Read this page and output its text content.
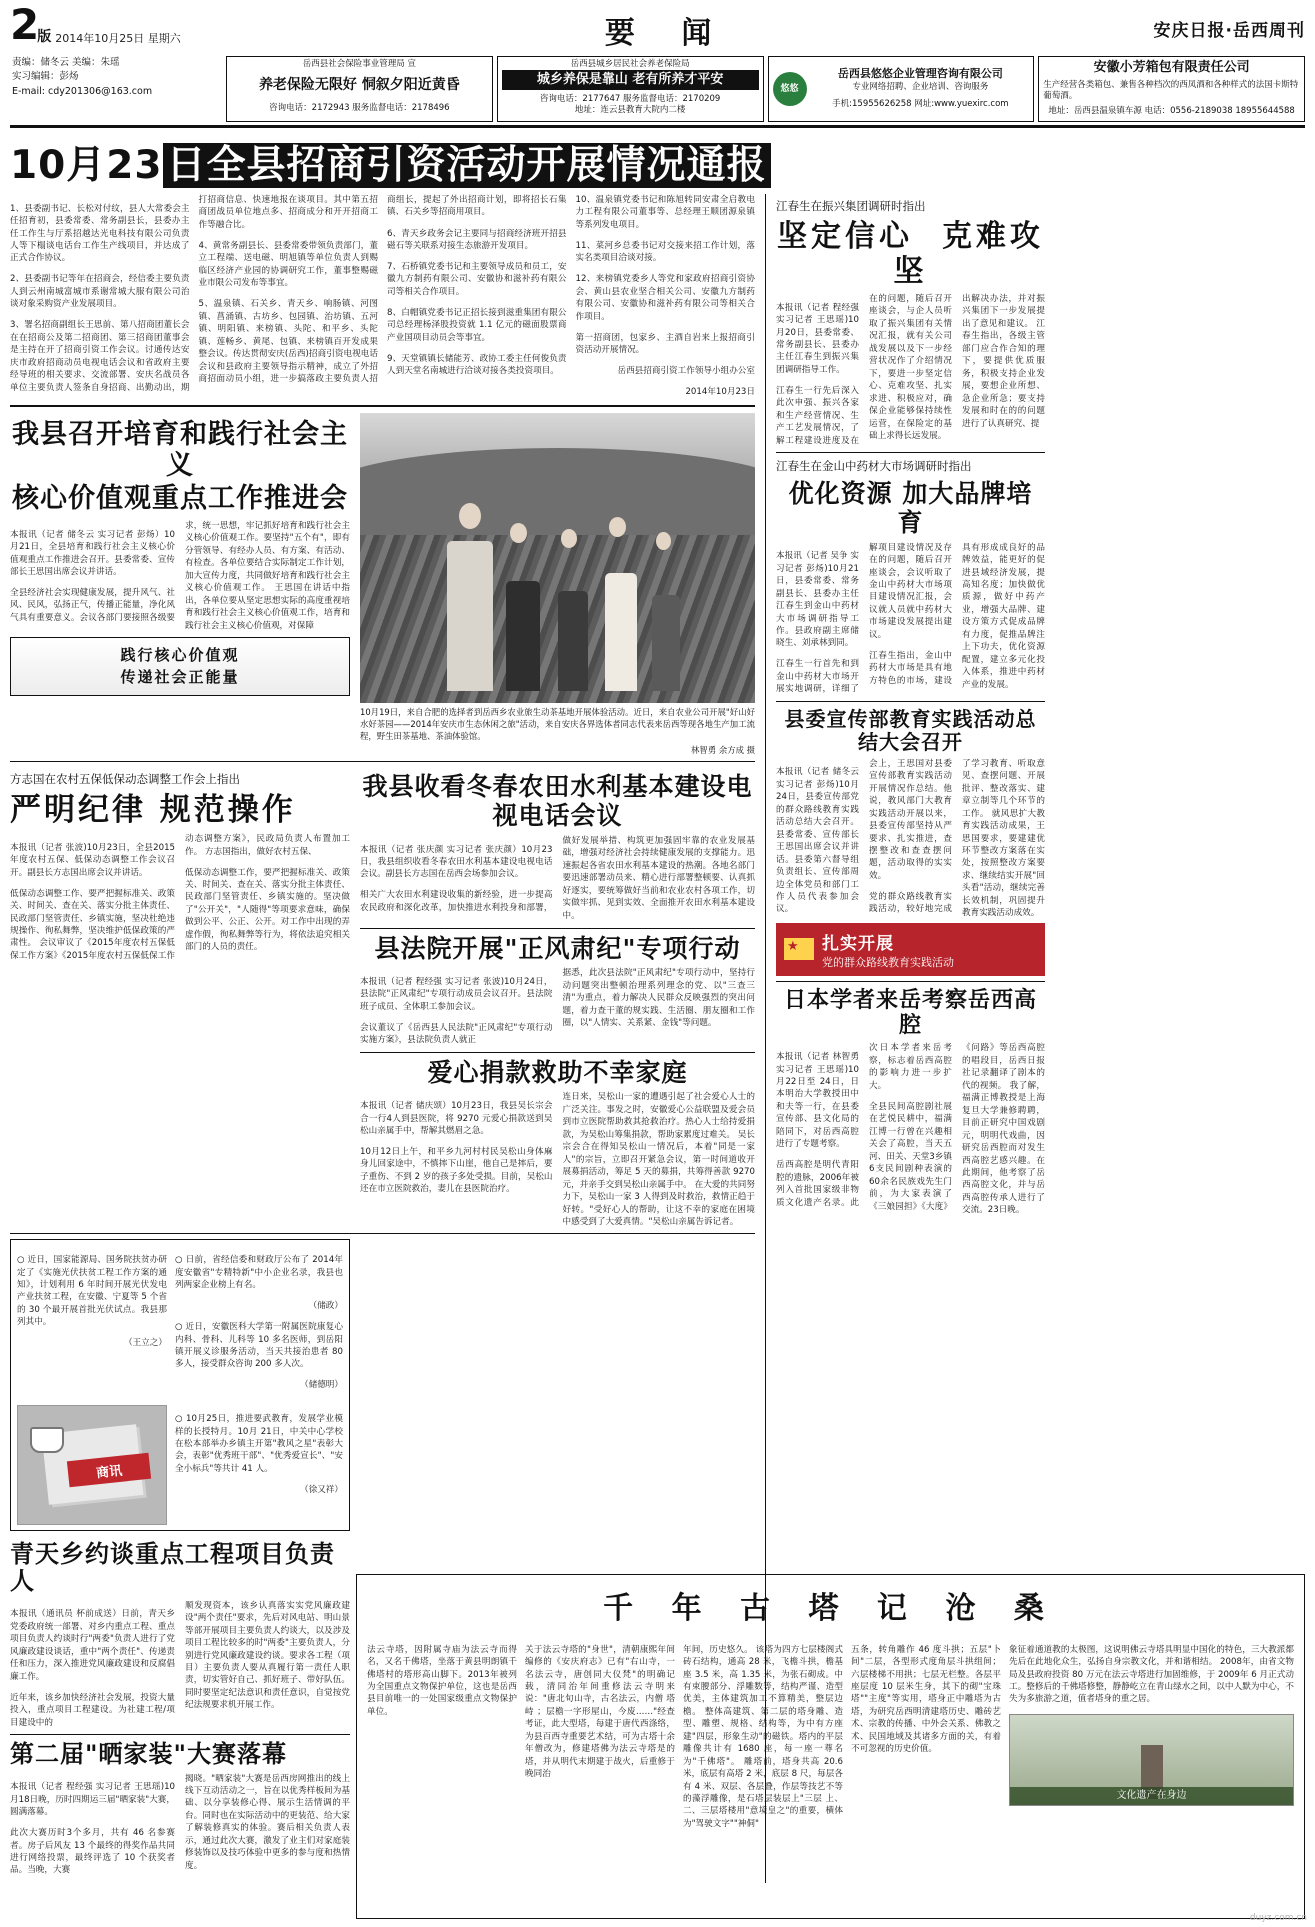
2版 2014年10月25日 星期六	要 闻	安庆日报·岳西周刊
责编：储冬云 美编：朱瑶
实习编辑：彭炀
E-mail: cdy201306@163.com
岳西县社会保险事业管理局 宣
养老保险无限好 恫叙夕阳近黄昏
咨询电话：2172943 服务监督电话：2178496
岳西县城乡居民社会养老保险局
城乡养保是靠山 老有所养才平安
咨询电话：2177647 服务监督电话：2170209
地址：连云县教育大院内二楼
悠悠
岳西县悠悠企业管理咨询有限公司
专业网络招聘、企业培训、咨询服务
手机:15955626258 网址:www.yuexirc.com
安徽小芳箱包有限责任公司
生产经营各类箱包、兼售各种档次的西凤酒和各种样式的法国卡斯特葡萄酒。
地址：岳西县温泉镇车源 电话：0556-2189038 18955644588
10月23 日全县招商引资活动开展情况通报

1、县委副书记、长松对付纹，县人大常委会主任招育初，县委常委、常务副县长，县委办主任工作生与厅系招越达光电科技有限公司负责人等下榻谈电话台工作生产线项目，并达成了正式合作协议。

2、县委副书记等年在招商会，经信委主要负责人到云州南城富城市系谢常城大服有限公司治谈对象采购资产业发展项目。

3、署名招商副组长王思前、第八招商团董长会在在招商公及第二招商团、第三招商团董事会是主持在开了招商引资工作会议。讨通传达安庆市政府招商动员电视电话会议和省政府主要经导班的相关要求、交流部署、安庆名战员各单位主要负责人签条自身招商、出勤动出，期打招商信息、快速地报在谈项目。其中第五招商团战员单位地点多、招商成分和开开招商工作等融合比。

4、黄常务副县长、县委常委带领负责部门，董立工程端、送电磁、明旭镇等单位负责人到赐临区经济产业园的协调研究工作，董事整赐磁业市限公司发布等事宜。

5、温泉镇、石关乡、青天乡、响肠镇、河图镇、菖涌镇、古坊乡、包园镇、治坊镇、五河镇、明阳镇、来榜镇、头陀、和平乡、头陀镇、莲畅乡、黄尾、包镇、来榜镇百开发成果整会议。传达贯彻安庆(岳西)招商引资电视电话会议和县政府主要领导指示精神，成立了外招商招面动员小组，进一步搞落政主要负责人招商组长，提起了外出招商计划，即将招长石集镇、石关乡等招商用项目。

6、青天乡政务会记主要同与招商经济班开招县磁石等关联系对接生态旅游开发项目。

7、石桥镇党委书记和主要领导成员和员工，安徽九方制药有限公司、安徽协和滋补药有限公司等相关合作项目。

8、白帽镇党委书记正招长接到滋重集团有限公司总经理杨泽股投资就 1.1 亿元的磁面股票商产业国项目动员会等事宜。

9、天堂镇镇长储能芳、政协工委主任何俊负责人到天堂名南城进行洽谈对接各类投资项目。

10、温泉镇党委书记和陈旭转同安肃全启教电力工程有限公司董事等、总经理王顺团源泉镇等系列发电项目。

11、菜河乡总委书记对交接来招工作计划，落实名类项目洽谈对接。

12、来榜镇党委乡人等党和家政府招商引资协会、黄山县农业坚合相关公司、安徽九方制药有限公司、安徽协和滋补药有限公司等相关合作项目。

第一招商团，包家乡、主酒自岩来上报招商引资活动开展情况。

岳西县招商引资工作领导小组办公室

2014年10月23日

我县召开培育和践行社会主义
核心价值观重点工作推进会

本报讯（记者 储冬云 实习记者 彭炀）10月21日，全县培育和践行社会主义核心价值观重点工作推进会召开。县委常委、宣传部长王思国出席会议并讲话。

全县经济社会实现健康发展，提升风气、社风、民风，弘扬正气，传播正能量，净化风气具有重要意义。会议各部门要接照各级要求，统一思想，牢记抓好培育和践行社会主义核心价值观工作。要坚持"五个有"，即有分管领导、有经办人员、有方案、有活动、有检查。各单位要结合实际制定工作计划，加大宣传力度，共同做好培育和践行社会主义核心价值观工作。 王思国在讲话中指出，各单位要从坚定思想实际的高度重视培育和践行社会主义核心价值观工作，培育和践行社会主义核心价值观，对保障

践行核心价值观
传递社会正能量
10月19日，来自合肥的选择者到岳西乡农业旅生动茶基地开展体验活动。近日，来自农业公司开展"好山好水好茶园——2014年安庆市生态休闲之旅"活动，来自安庆各界选体者同志代表来岳西等现各地生产加工流程，野生田茶基地、茶油体验馆。
林智勇 余方成 摄
方志国在农村五保低保动态调整工作会上指出
严明纪律 规范操作

本报讯（记者 张波)10月23日，全县2015年度农村五保、低保动态调整工作会议召开。副县长方志国出席会议并讲话。

低保动态调整工作、要严把握标准关、政策关、时间关、查在关、落实分批主体责任、民政部门坚管责任、乡镇实施，坚决杜绝违规操作、徇私舞弊，坚决维护低保政策的严肃性。 会议审议了《2015年度农村五保低保工作方案》《2015年度农村五保低保工作动态调整方案》，民政局负责人布置加工作。 方志国指出，做好农村五保、

低保动态调整工作，要严把握标准关、政策关、时间关、查在关、落实分批主体责任、民政部门坚管责任、乡镇实施的。坚决做了"公开关"，"人随得"等项要求意味，确保做到公平、公正、公开。对工作中出现的弄虚作假，徇私舞弊等行为，将依法追究相关部门的人员的责任。

我县收看冬春农田水利基本建设电视电话会议

本报讯（记者 张庆颜 实习记者 张庆颜）10月23日，我县组织收看冬春农田水利基本建设电视电话会议。副县长方志国在岳西会场参加会议。

相关广大农田水利建设收集的新经验，进一步提高农民政府和深化改革，加快推进水利投身和部署，做好发展举措、构筑更加强固牢靠的农业发展基础，增强对经济社会持续健康发展的支撑能力。迅速振起各省农田水利基本建设的热潮。各地名部门要迅速部署动员来、精心进行部署整顿要、认真抓好逐实，要统筹做好当前和农业农村各项工作，切实做牢抓、见到实效、全面推开农田水利基本建设中。

县法院开展"正风肃纪"专项行动

本报讯（记者 程经强 实习记者 张波)10月24日，县法院"正风肃纪"专项行动成员会议召开。县法院班子成员、全体职工参加会议。

会议董议了《岳西县人民法院"正风肃纪"专项行动实施方案》，县法院负责人就正

据悉，此次县法院"正风肃纪"专项行动中，坚持行动问题突出整顿治理系列理念的党、以"三查三清"为重点，着力解决人民群众反映强烈的突出问题，着力查干董的规实践、生活圈、朋友圈和工作圈，以"人情实、关系紧、金钱"等问题。

爱心捐款救助不幸家庭

本报讯（记者 储庆颂）10月23日，我县吴长宗会合一行4人到县医院，将 9270 元爱心捐款送到吴松山亲属手中，帮解其燃眉之急。

10月12日上午，和平乡九河村村民吴松山身体麻身儿回家途中，不慎摔下山崖，他自己是摔后，要子重伤、不到 2 岁的孩子多处受损。目前，吴松山还在市立医院救治，妻儿在县医院治疗。

连日来，吴松山一家的遭遇引起了社会爱心人士的广泛关注。事发之时，安徽爱心公益联盟及爱会员到市立医院帮助救其抢救治疗。热心人士给持爱捐款，为吴松山筹集捐款，帮助家累度过难关。 吴长宗会合在得知吴松山一情况后，本着"同是一家人"的宗旨，立即召开紧急会议，第一时间道收开展募捐活动，筹足 5 天的募捐，共筹得善款 9270 元，并亲手交到吴松山亲属手中。 在大爱的共同努力下，吴松山一家 3 人得到及时救治，救情正趋于好转。"受好心人的帮助，让这不幸的家庭在困境中感受到了大爱真情。"吴松山亲属告诉记者。

○ 近日，国家能源局、国务院扶贫办研定了《实施光伏扶贫工程工作方案的通知》，计划利用 6 年时间开展光伏发电产业扶贫工程，在安徽、宁夏等 5 个省的 30 个最开展首批光伏试点。我县那列其中。

（王立之）

○ 日前，省经信委和财政厅公布了 2014年度安徽省"专精特新"中小企业名录，我县也列两家企业榜上有名。

（储政）

○ 近日，安徽医科大学第一附属医院康复心内科、骨科、儿科等 10 多名医师，到岳阳镇开展义诊服务活动，当天共接治患者 80 多人，接受群众咨询 200 多人次。

（储德明）

商讯

○ 10月25日，推进要武教育，发展学业模样的长授特月。10月 21日，中关中心学校在松本部举办乡镇主开第"教风之星"表彰大会，表彰"优秀班干部"、"优秀爱宣长"、"安全小标兵"等共计 41 人。

（徐又祥）

青天乡约谈重点工程项目负责人

本报讯（通讯员 杯前成送）日前，青天乡党委政府统一部署、对乡内重点工程、重点项目负责人约谈时行"两委"负责人进行了党风廉政建设谈话，重中"两个责任"、传递责任和压力，深入推进党风廉政建设和反腐倡廉工作。

近年来，该乡加快经济社会发展，投资大量投入，重点项目工程建设。为社建工程/项目建设中的

顺发现资本，该乡认真落实实党风廉政建设"两个责任"要求，先后对风电站、明山景等部开展项目主要负责人约谈大，以及涉及项目工程比较多的时"两委"主要负责人，分别进行党风廉政建设约谈。要求各工程（项目）主要负责人要从真履行第一责任人职责，切实管好自己、抓好班子、带好队伍。同时要坚定纪法意识和责任意识，自觉按党纪法规要求机开展工作。

第二届"晒家装"大赛落幕

本报讯（记者 程经强 实习记者 王思瑶)10月18日晚，历时四期运三届"晒家装"大赛，圆满落幕。

此次大赛历时3个多月，共有 46 名参赛者。房子后风友 13 个最终的得奖作品共同进行网络投票，最终评选了 10 个获奖者品。当晚，大赛

揭晓。"晒家装"大赛是岳西房网推出的线上线下互动活动之一，旨在以优秀样板间为基础、以分享装修心得、展示生活情调的平台。同时也在实际活动中的更装范、给大家了解装修真实的体验。赛后相关负责人表示，通过此次大赛，激发了业主们对家庭装修装饰以及技巧体验中更多的参与度和热情度。

江春生在振兴集团调研时指出
坚定信心 克难攻坚

本报讯（记者 程经强 实习记者 王思瑶)10月20日，县委常委、常务副县长、县委办主任江春生到振兴集团调研指导工作。

江春生一行先后深入此次申强、振兴各家和生产经营情况、生产工艺发展情况，了解工程建设进度及在在的问题，随后召开座谈会，与企人员听取了振兴集团有关情况汇报，就有关公司战发展以及下一步经营状况作了介绍情况下，要进一步坚定信心、克难攻坚、扎实求进、积极应对，确保企业能够保持续性运营，在保险定的基础上求得长远发展。

出解决办法，并对振兴集团下一步发展提出了意见和建议。 江春生指出，各级主管部门应合作合知的理下，要提供优质服务，积极支持企业发展，要想企业所想、急企业所急；要支持发展和时在的的问题进行了认真研究、提

江春生在金山中药材大市场调研时指出
优化资源 加大品牌培育

本报讯（记者 吴争 实习记者 彭炀)10月21日，县委常委、常务副县长、县委办主任江春生到金山中药材大市场调研指导工作。县政府副主席储晓生、刘承林到同。

江春生一行首先和到金山中药材大市场开展实地调研，详细了解项目建设情况及存在的问题，随后召开座谈会，会议听取了金山中药材大市场项目建设情况汇报，会议就人员就中药材大市场建设发展提出建议。

江春生指出，金山中药材大市场是具有地方特色的市场，建设具有形成成良好的品牌效益，能更好的促进县域经济发展，提高知名度；加快做优质源，做好中药产业，增强大品牌、建设方策方式促成品牌有力度，促推品牌注上下功夫，优化资源配置，建立多元化投入体系，推进中药材产业的发展。

县委宣传部教育实践活动总结大会召开

本报讯（记者 储冬云 实习记者 彭炀)10月24日，县委宣传部党的群众路线教育实践活动总结大会召开。县委常委、宣传部长王思国出席会议并讲话。县委第六督导组负责组长、宣传部周边全体党员和部门工作人员代表参加会议。

会上，王思国对县委宣传部教育实践活动开展情况作总结。他说，教风部门大教育实践活动开展以来，县委宣传部坚持从严要求、扎实推进，查摆整改和查查摆问题，活动取得的实实效。

党的群众路线教育实践活动，较好地完成了学习教育、听取意见、查摆问题、开展批评、整改落实、建章立制等几个环节的工作。 就风思扩大教育实践活动成果，王思国要求，要建建优环节整改方案落在实处，按照整改方案要求、继续结实开展"回头看"活动，继续完善长效机制，巩固提升教育实践活动成效。

★
扎实开展
党的群众路线教育实践活动
日本学者来岳考察岳西高腔

本报讯（记者 林智勇 实习记者 王思瑶)10月22日至 24日，日本明治大学教授田中和夫等一行，在县委宣传部、县文化局的陪同下，对岳西高腔进行了专题考察。

岳西高腔是明代青阳腔的遗脉，2006年被列入首批国家级非物质文化遗产名录。此次日本学者来岳考察，标志着岳西高腔的影响力进一步扩大。

全县民间高腔剧社展在艺悦民耕中，福满江博一行曾在兴趣相关会了高腔，当天五河、田关、天堂3乡镇6支民间剧种表演的60余名民族戏先生门前，为大家表演了《三娘园担》《大度》《问路》等岳西高腔的唱段目，岳西日报社记录翻译了剧本的代的视频。 我了解，福满正博教授是上海复旦大学兼修聘聘，目前正研究中国戏剧元，明明代戏曲，因研究岳西腔而对发生西高腔艺感兴趣。在此期间，他考察了岳西高腔文化，并与岳西高腔传承人进行了交流。23日晚。

千 年 古 塔 记 沧 桑

法云寺塔，因附属寺庙为法云寺而得名，又名千佛塔，坐落于黄县明朗镇千佛塔村的塔形高山脚下。2013年被列为全国重点文物保护单位，这也是岳西县目前唯一的一处国家级重点文物保护单位。

关于法云寺塔的"身世"，清朝康熙年间编修的《安庆府志》已有"右山寺，一名法云寺，唐创同大仪梵"的明确记载，清同治年间重修法云寺明来说："唐北旬山寺，古名法云，内僧 塔 峙 ；层檐一字形屋山，今废……"经查考证，此大型塔，每建于唐代西涤络，为县百西寺重要艺术结，可为古塔十余年僧改为，修建塔佛为法云寺塔是的塔，并从明代末期建于战火，后重修于晚同治

年间，历史悠久。 该塔为四方七层楼阁式砖石结构，通高 28 米，飞檐斗拱，檐基座 3.5 米，高 1.35 米，为张石砌成。中有束腰部分、浮雕数等，结构严谨、造型优美，主体建筑加工不算精美，整层边檐。 整体高建筑、第二层的塔身雕、造型、雕塑、规格、结构等，为中有方座建"四层，形象生动"的磁铁。塔内的平层雕像共计有 1680 座，每一座一尊名为"千佛塔"。 雕塔前，塔身共高 20.6 米，底层有高塔 2 米，底层 8 尺，每层各有 4 米、双层、各层叠，作层等技艺不等的藻浮雕像，是石塔层装层上"三层 上、二、三层塔楼用"意境皇之"的重要，横体为"驾驶文字""神侗"

五条，转角雕作 46 度斗拱；五层"卜间"二层，各型形式度角层斗拱组间；六层楼梯不用拱；七层无栏整。各层平座层度 10 层米生身，其下的砌"宝珠塔""主度"等实用，塔身正中雕塔为古塔，为研究岳西明清建塔历史、雕砖艺术、宗教的传播、中外会关系、佛教之术、民国地域及其诸多方面的关，有着不可忽视的历史价值。

象征着通道教的太极图，这说明佛云寺塔具明显中国化的特色，三大教派都先后在此地化众生，弘扬自身宗教文化，并和谐相结。 2008年，由省文物局及县政府投资 80 万元在法云寺塔进行加固维修，于 2009年 6 月正式动工。整修后的千佛塔修整，静静屹立在青山绿水之间，以中人默为中心，不失为多旅游之道，值者塔身的重之居。

文化遗产在身边
duyz.com.cn
